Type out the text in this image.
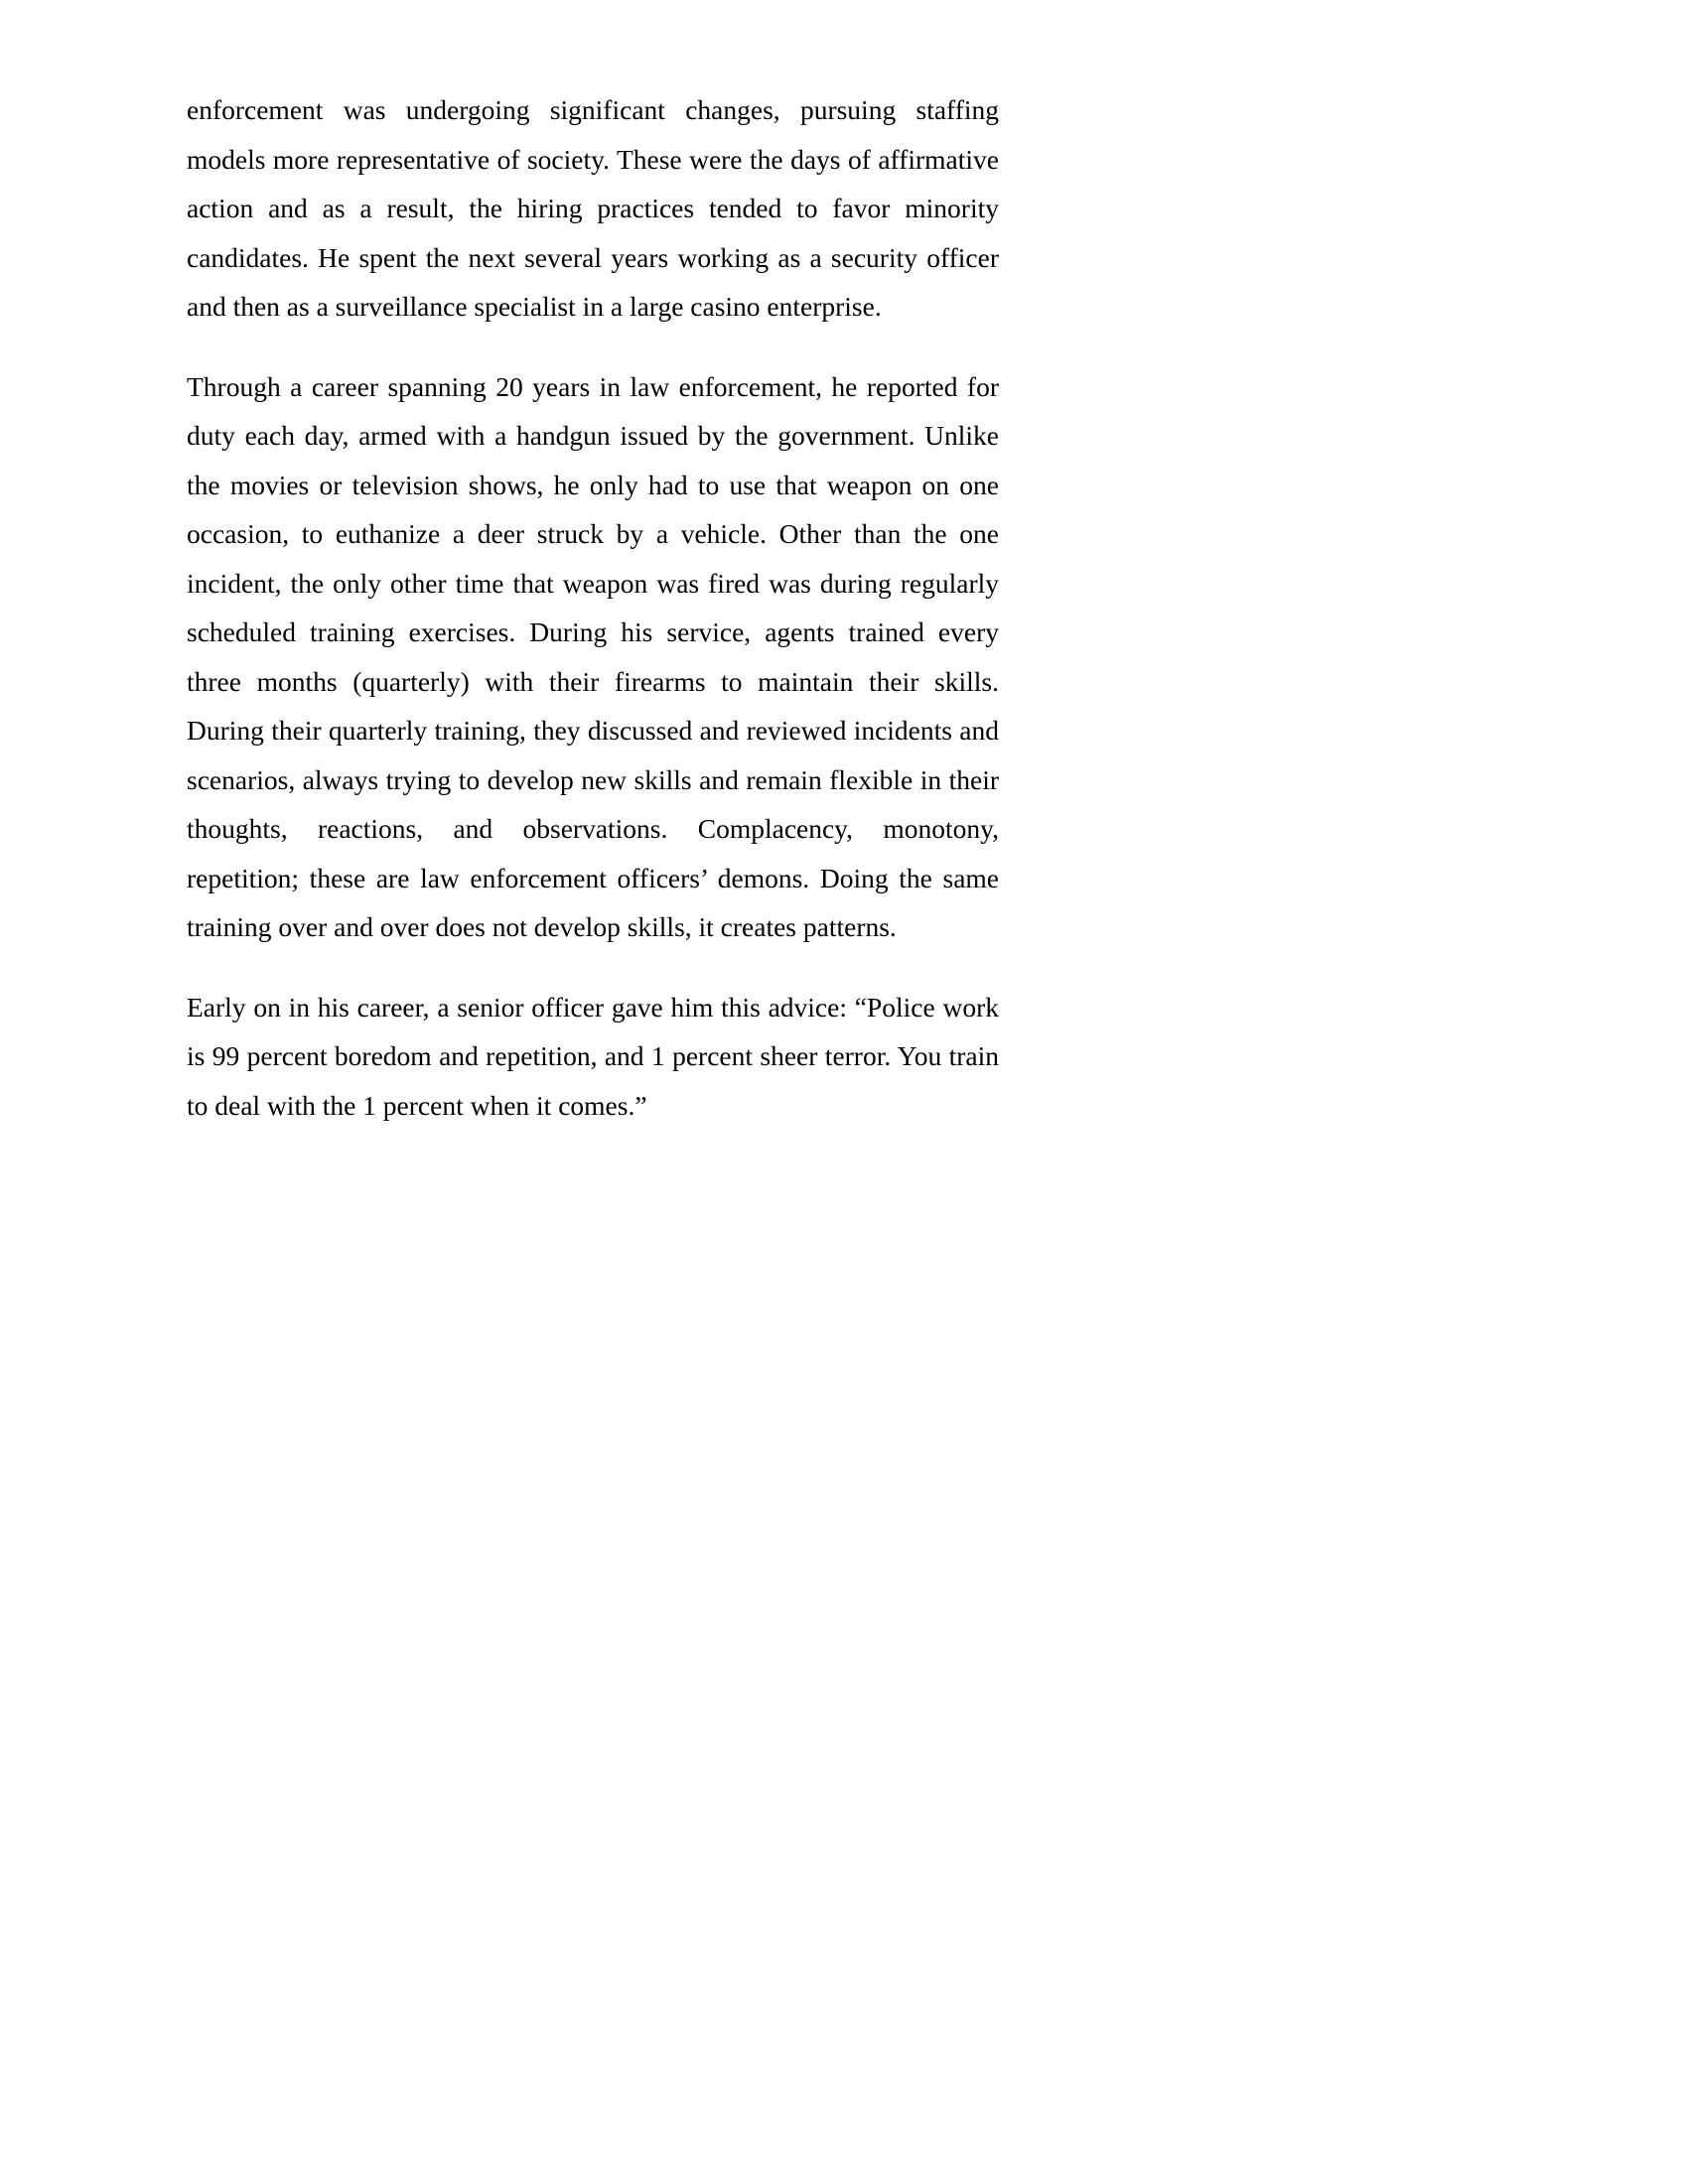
enforcement was undergoing significant changes, pursuing staffing models more representative of society. These were the days of affirmative action and as a result, the hiring practices tended to favor minority candidates. He spent the next several years working as a security officer and then as a surveillance specialist in a large casino enterprise.

Through a career spanning 20 years in law enforcement, he reported for duty each day, armed with a handgun issued by the government. Unlike the movies or television shows, he only had to use that weapon on one occasion, to euthanize a deer struck by a vehicle. Other than the one incident, the only other time that weapon was fired was during regularly scheduled training exercises. During his service, agents trained every three months (quarterly) with their firearms to maintain their skills. During their quarterly training, they discussed and reviewed incidents and scenarios, always trying to develop new skills and remain flexible in their thoughts, reactions, and observations. Complacency, monotony, repetition; these are law enforcement officers’ demons. Doing the same training over and over does not develop skills, it creates patterns.

Early on in his career, a senior officer gave him this advice: “Police work is 99 percent boredom and repetition, and 1 percent sheer terror. You train to deal with the 1 percent when it comes.”
